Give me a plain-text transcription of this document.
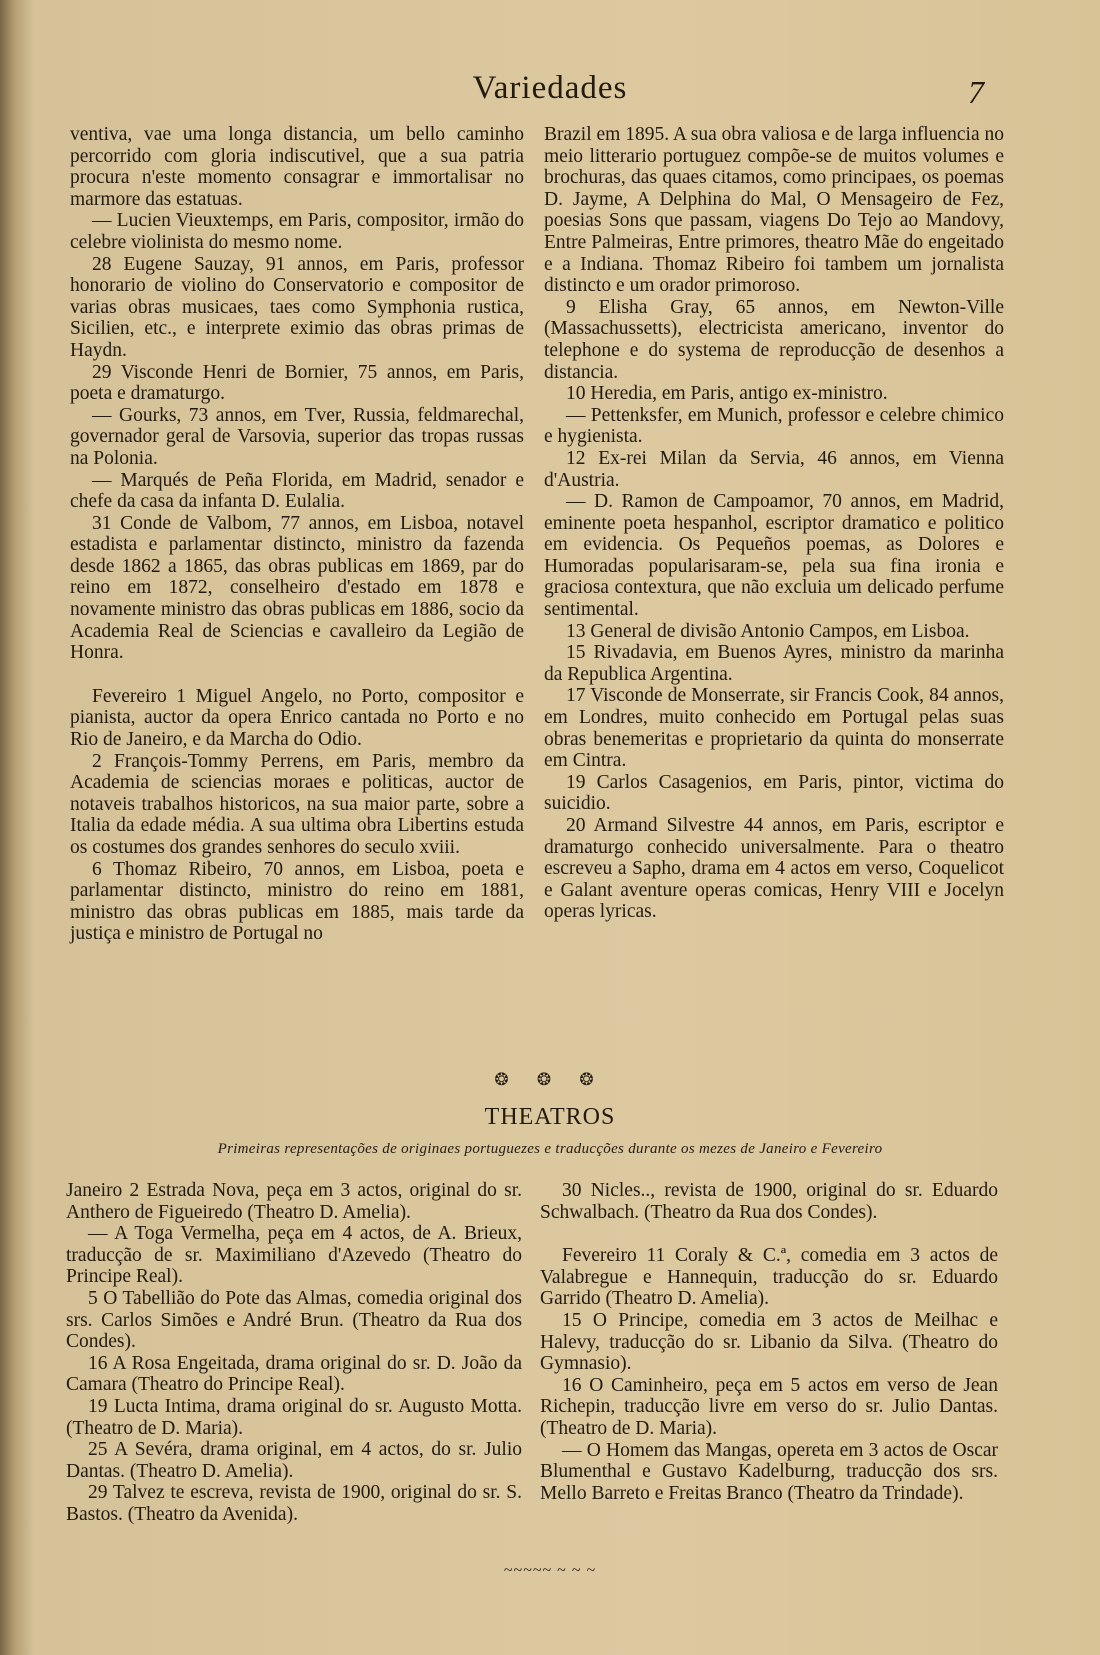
Variedades	7

ventiva, vae uma longa distancia, um bello caminho percorrido com gloria indiscutivel, que a sua patria procura n'este momento consagrar e immortalisar no marmore das estatuas.

— Lucien Vieuxtemps, em Paris, compositor, irmão do celebre violinista do mesmo nome.

28 Eugene Sauzay, 91 annos, em Paris, professor honorario de violino do Conservatorio e compositor de varias obras musicaes, taes como Symphonia rustica, Sicilien, etc., e interprete eximio das obras primas de Haydn.

29 Visconde Henri de Bornier, 75 annos, em Paris, poeta e dramaturgo.

— Gourks, 73 annos, em Tver, Russia, feldmarechal, governador geral de Varsovia, superior das tropas russas na Polonia.

— Marqués de Peña Florida, em Madrid, senador e chefe da casa da infanta D. Eulalia.

31 Conde de Valbom, 77 annos, em Lisboa, notavel estadista e parlamentar distincto, ministro da fazenda desde 1862 a 1865, das obras publicas em 1869, par do reino em 1872, conselheiro d'estado em 1878 e novamente ministro das obras publicas em 1886, socio da Academia Real de Sciencias e cavalleiro da Legião de Honra.

Fevereiro 1 Miguel Angelo, no Porto, compositor e pianista, auctor da opera Enrico cantada no Porto e no Rio de Janeiro, e da Marcha do Odio.

2 François-Tommy Perrens, em Paris, membro da Academia de sciencias moraes e politicas, auctor de notaveis trabalhos historicos, na sua maior parte, sobre a Italia da edade média. A sua ultima obra Libertins estuda os costumes dos grandes senhores do seculo xviii.

6 Thomaz Ribeiro, 70 annos, em Lisboa, poeta e parlamentar distincto, ministro do reino em 1881, ministro das obras publicas em 1885, mais tarde da justiça e ministro de Portugal no

Brazil em 1895. A sua obra valiosa e de larga influencia no meio litterario portuguez compõe-se de muitos volumes e brochuras, das quaes citamos, como principaes, os poemas D. Jayme, A Delphina do Mal, O Mensageiro de Fez, poesias Sons que passam, viagens Do Tejo ao Mandovy, Entre Palmeiras, Entre primores, theatro Mãe do engeitado e a Indiana. Thomaz Ribeiro foi tambem um jornalista distincto e um orador primoroso.

9 Elisha Gray, 65 annos, em Newton-Ville (Massachussetts), electricista americano, inventor do telephone e do systema de reproducção de desenhos a distancia.

10 Heredia, em Paris, antigo ex-ministro.

— Pettenksfer, em Munich, professor e celebre chimico e hygienista.

12 Ex-rei Milan da Servia, 46 annos, em Vienna d'Austria.

— D. Ramon de Campoamor, 70 annos, em Madrid, eminente poeta hespanhol, escriptor dramatico e politico em evidencia. Os Pequeños poemas, as Dolores e Humoradas popularisaram-se, pela sua fina ironia e graciosa contextura, que não excluia um delicado perfume sentimental.

13 General de divisão Antonio Campos, em Lisboa.

15 Rivadavia, em Buenos Ayres, ministro da marinha da Republica Argentina.

17 Visconde de Monserrate, sir Francis Cook, 84 annos, em Londres, muito conhecido em Portugal pelas suas obras benemeritas e proprietario da quinta do monserrate em Cintra.

19 Carlos Casagenios, em Paris, pintor, victima do suicidio.

20 Armand Silvestre 44 annos, em Paris, escriptor e dramaturgo conhecido universalmente. Para o theatro escreveu a Sapho, drama em 4 actos em verso, Coquelicot e Galant aventure operas comicas, Henry VIII e Jocelyn operas lyricas.

❂ ❂ ❂
THEATROS
Primeiras representações de originaes portuguezes e traducções durante os mezes de Janeiro e Fevereiro

Janeiro 2 Estrada Nova, peça em 3 actos, original do sr. Anthero de Figueiredo (Theatro D. Amelia).

— A Toga Vermelha, peça em 4 actos, de A. Brieux, traducção de sr. Maximiliano d'Azevedo (Theatro do Principe Real).

5 O Tabellião do Pote das Almas, comedia original dos srs. Carlos Simões e André Brun. (Theatro da Rua dos Condes).

16 A Rosa Engeitada, drama original do sr. D. João da Camara (Theatro do Principe Real).

19 Lucta Intima, drama original do sr. Augusto Motta. (Theatro de D. Maria).

25 A Sevéra, drama original, em 4 actos, do sr. Julio Dantas. (Theatro D. Amelia).

29 Talvez te escreva, revista de 1900, original do sr. S. Bastos. (Theatro da Avenida).

30 Nicles.., revista de 1900, original do sr. Eduardo Schwalbach. (Theatro da Rua dos Condes).

Fevereiro 11 Coraly & C.ª, comedia em 3 actos de Valabregue e Hannequin, traducção do sr. Eduardo Garrido (Theatro D. Amelia).

15 O Principe, comedia em 3 actos de Meilhac e Halevy, traducção do sr. Libanio da Silva. (Theatro do Gymnasio).

16 O Caminheiro, peça em 5 actos em verso de Jean Richepin, traducção livre em verso do sr. Julio Dantas. (Theatro de D. Maria).

— O Homem das Mangas, opereta em 3 actos de Oscar Blumenthal e Gustavo Kadelburng, traducção dos srs. Mello Barreto e Freitas Branco (Theatro da Trindade).

~~~~~ ~ ~ ~
